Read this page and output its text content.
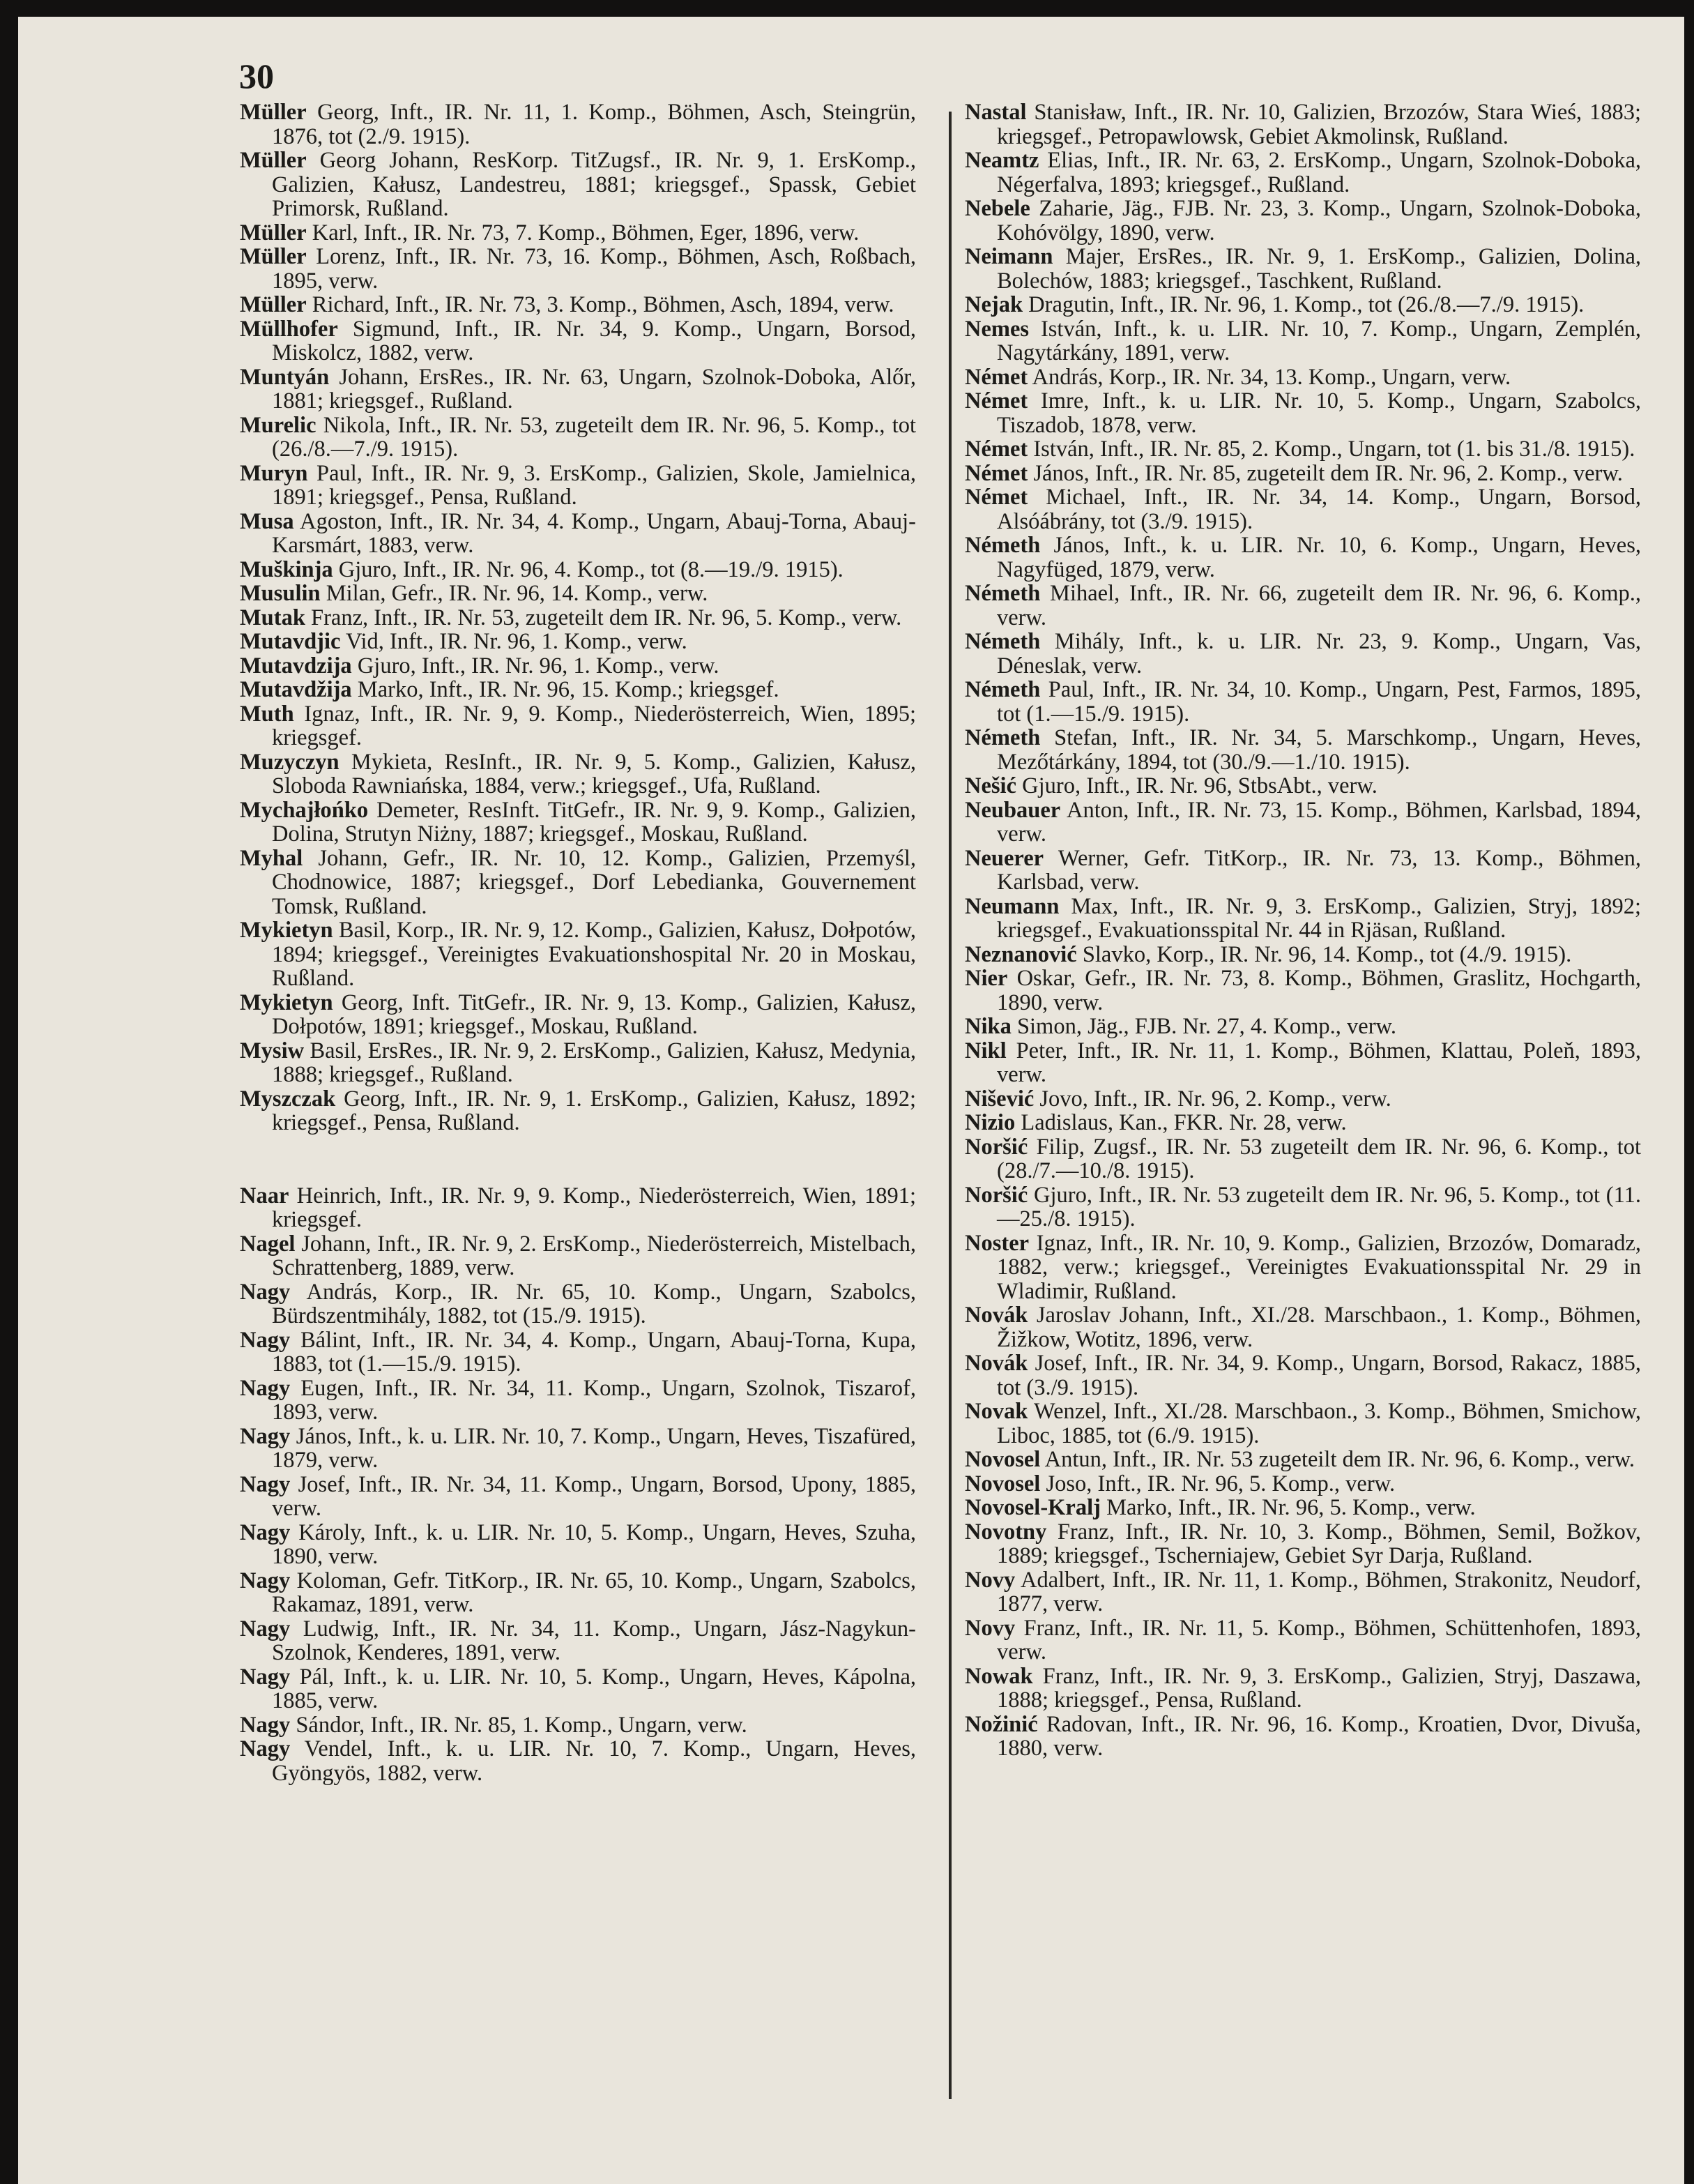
30

Müller Georg, Inft., IR. Nr. 11, 1. Komp., Böhmen, Asch, Steingrün, 1876, tot (2./9. 1915).

Müller Georg Johann, ResKorp. TitZugsf., IR. Nr. 9, 1. ErsKomp., Galizien, Kałusz, Landestreu, 1881; kriegsgef., Spassk, Gebiet Primorsk, Rußland.

Müller Karl, Inft., IR. Nr. 73, 7. Komp., Böhmen, Eger, 1896, verw.

Müller Lorenz, Inft., IR. Nr. 73, 16. Komp., Böhmen, Asch, Roßbach, 1895, verw.

Müller Richard, Inft., IR. Nr. 73, 3. Komp., Böhmen, Asch, 1894, verw.

Müllhofer Sigmund, Inft., IR. Nr. 34, 9. Komp., Ungarn, Borsod, Miskolcz, 1882, verw.

Muntyán Johann, ErsRes., IR. Nr. 63, Ungarn, Szolnok-Doboka, Alőr, 1881; kriegsgef., Rußland.

Murelic Nikola, Inft., IR. Nr. 53, zugeteilt dem IR. Nr. 96, 5. Komp., tot (26./8.—7./9. 1915).

Muryn Paul, Inft., IR. Nr. 9, 3. ErsKomp., Galizien, Skole, Jamielnica, 1891; kriegsgef., Pensa, Rußland.

Musa Agoston, Inft., IR. Nr. 34, 4. Komp., Ungarn, Abauj-Torna, Abauj-Karsmárt, 1883, verw.

Muškinja Gjuro, Inft., IR. Nr. 96, 4. Komp., tot (8.—19./9. 1915).

Musulin Milan, Gefr., IR. Nr. 96, 14. Komp., verw.

Mutak Franz, Inft., IR. Nr. 53, zugeteilt dem IR. Nr. 96, 5. Komp., verw.

Mutavdjic Vid, Inft., IR. Nr. 96, 1. Komp., verw.

Mutavdzija Gjuro, Inft., IR. Nr. 96, 1. Komp., verw.

Mutavdžija Marko, Inft., IR. Nr. 96, 15. Komp.; kriegsgef.

Muth Ignaz, Inft., IR. Nr. 9, 9. Komp., Niederösterreich, Wien, 1895; kriegsgef.

Muzyczyn Mykieta, ResInft., IR. Nr. 9, 5. Komp., Galizien, Kałusz, Sloboda Rawniańska, 1884, verw.; kriegsgef., Ufa, Rußland.

Mychajłońko Demeter, ResInft. TitGefr., IR. Nr. 9, 9. Komp., Galizien, Dolina, Strutyn Niżny, 1887; kriegsgef., Moskau, Rußland.

Myhal Johann, Gefr., IR. Nr. 10, 12. Komp., Galizien, Przemyśl, Chodnowice, 1887; kriegsgef., Dorf Lebedianka, Gouvernement Tomsk, Rußland.

Mykietyn Basil, Korp., IR. Nr. 9, 12. Komp., Galizien, Kałusz, Dołpotów, 1894; kriegsgef., Vereinigtes Evakuationshospital Nr. 20 in Moskau, Rußland.

Mykietyn Georg, Inft. TitGefr., IR. Nr. 9, 13. Komp., Galizien, Kałusz, Dołpotów, 1891; kriegsgef., Moskau, Rußland.

Mysiw Basil, ErsRes., IR. Nr. 9, 2. ErsKomp., Galizien, Kałusz, Medynia, 1888; kriegsgef., Rußland.

Myszczak Georg, Inft., IR. Nr. 9, 1. ErsKomp., Galizien, Kałusz, 1892; kriegsgef., Pensa, Rußland.

Naar Heinrich, Inft., IR. Nr. 9, 9. Komp., Niederösterreich, Wien, 1891; kriegsgef.

Nagel Johann, Inft., IR. Nr. 9, 2. ErsKomp., Niederösterreich, Mistelbach, Schrattenberg, 1889, verw.

Nagy András, Korp., IR. Nr. 65, 10. Komp., Ungarn, Szabolcs, Bürdszentmihály, 1882, tot (15./9. 1915).

Nagy Bálint, Inft., IR. Nr. 34, 4. Komp., Ungarn, Abauj-Torna, Kupa, 1883, tot (1.—15./9. 1915).

Nagy Eugen, Inft., IR. Nr. 34, 11. Komp., Ungarn, Szolnok, Tiszarof, 1893, verw.

Nagy János, Inft., k. u. LIR. Nr. 10, 7. Komp., Ungarn, Heves, Tiszafüred, 1879, verw.

Nagy Josef, Inft., IR. Nr. 34, 11. Komp., Ungarn, Borsod, Upony, 1885, verw.

Nagy Károly, Inft., k. u. LIR. Nr. 10, 5. Komp., Ungarn, Heves, Szuha, 1890, verw.

Nagy Koloman, Gefr. TitKorp., IR. Nr. 65, 10. Komp., Ungarn, Szabolcs, Rakamaz, 1891, verw.

Nagy Ludwig, Inft., IR. Nr. 34, 11. Komp., Ungarn, Jász-Nagykun-Szolnok, Kenderes, 1891, verw.

Nagy Pál, Inft., k. u. LIR. Nr. 10, 5. Komp., Ungarn, Heves, Kápolna, 1885, verw.

Nagy Sándor, Inft., IR. Nr. 85, 1. Komp., Ungarn, verw.

Nagy Vendel, Inft., k. u. LIR. Nr. 10, 7. Komp., Ungarn, Heves, Gyöngyös, 1882, verw.

Nastal Stanisław, Inft., IR. Nr. 10, Galizien, Brzozów, Stara Wieś, 1883; kriegsgef., Petropawlowsk, Gebiet Akmolinsk, Rußland.

Neamtz Elias, Inft., IR. Nr. 63, 2. ErsKomp., Ungarn, Szolnok-Doboka, Négerfalva, 1893; kriegsgef., Rußland.

Nebele Zaharie, Jäg., FJB. Nr. 23, 3. Komp., Ungarn, Szolnok-Doboka, Kohóvölgy, 1890, verw.

Neimann Majer, ErsRes., IR. Nr. 9, 1. ErsKomp., Galizien, Dolina, Bolechów, 1883; kriegsgef., Taschkent, Rußland.

Nejak Dragutin, Inft., IR. Nr. 96, 1. Komp., tot (26./8.—7./9. 1915).

Nemes István, Inft., k. u. LIR. Nr. 10, 7. Komp., Ungarn, Zemplén, Nagytárkány, 1891, verw.

Német András, Korp., IR. Nr. 34, 13. Komp., Ungarn, verw.

Német Imre, Inft., k. u. LIR. Nr. 10, 5. Komp., Ungarn, Szabolcs, Tiszadob, 1878, verw.

Német István, Inft., IR. Nr. 85, 2. Komp., Ungarn, tot (1. bis 31./8. 1915).

Német János, Inft., IR. Nr. 85, zugeteilt dem IR. Nr. 96, 2. Komp., verw.

Német Michael, Inft., IR. Nr. 34, 14. Komp., Ungarn, Borsod, Alsóábrány, tot (3./9. 1915).

Németh János, Inft., k. u. LIR. Nr. 10, 6. Komp., Ungarn, Heves, Nagyfüged, 1879, verw.

Németh Mihael, Inft., IR. Nr. 66, zugeteilt dem IR. Nr. 96, 6. Komp., verw.

Németh Mihály, Inft., k. u. LIR. Nr. 23, 9. Komp., Ungarn, Vas, Déneslak, verw.

Németh Paul, Inft., IR. Nr. 34, 10. Komp., Ungarn, Pest, Farmos, 1895, tot (1.—15./9. 1915).

Németh Stefan, Inft., IR. Nr. 34, 5. Marschkomp., Ungarn, Heves, Mezőtárkány, 1894, tot (30./9.—1./10. 1915).

Nešić Gjuro, Inft., IR. Nr. 96, StbsAbt., verw.

Neubauer Anton, Inft., IR. Nr. 73, 15. Komp., Böhmen, Karlsbad, 1894, verw.

Neuerer Werner, Gefr. TitKorp., IR. Nr. 73, 13. Komp., Böhmen, Karlsbad, verw.

Neumann Max, Inft., IR. Nr. 9, 3. ErsKomp., Galizien, Stryj, 1892; kriegsgef., Evakuationsspital Nr. 44 in Rjäsan, Rußland.

Neznanović Slavko, Korp., IR. Nr. 96, 14. Komp., tot (4./9. 1915).

Nier Oskar, Gefr., IR. Nr. 73, 8. Komp., Böhmen, Graslitz, Hochgarth, 1890, verw.

Nika Simon, Jäg., FJB. Nr. 27, 4. Komp., verw.

Nikl Peter, Inft., IR. Nr. 11, 1. Komp., Böhmen, Klattau, Poleň, 1893, verw.

Nišević Jovo, Inft., IR. Nr. 96, 2. Komp., verw.

Nizio Ladislaus, Kan., FKR. Nr. 28, verw.

Noršić Filip, Zugsf., IR. Nr. 53 zugeteilt dem IR. Nr. 96, 6. Komp., tot (28./7.—10./8. 1915).

Noršić Gjuro, Inft., IR. Nr. 53 zugeteilt dem IR. Nr. 96, 5. Komp., tot (11.—25./8. 1915).

Noster Ignaz, Inft., IR. Nr. 10, 9. Komp., Galizien, Brzozów, Domaradz, 1882, verw.; kriegsgef., Vereinigtes Evakuationsspital Nr. 29 in Wladimir, Rußland.

Novák Jaroslav Johann, Inft., XI./28. Marschbaon., 1. Komp., Böhmen, Žižkow, Wotitz, 1896, verw.

Novák Josef, Inft., IR. Nr. 34, 9. Komp., Ungarn, Borsod, Rakacz, 1885, tot (3./9. 1915).

Novak Wenzel, Inft., XI./28. Marschbaon., 3. Komp., Böhmen, Smichow, Liboc, 1885, tot (6./9. 1915).

Novosel Antun, Inft., IR. Nr. 53 zugeteilt dem IR. Nr. 96, 6. Komp., verw.

Novosel Joso, Inft., IR. Nr. 96, 5. Komp., verw.

Novosel-Kralj Marko, Inft., IR. Nr. 96, 5. Komp., verw.

Novotny Franz, Inft., IR. Nr. 10, 3. Komp., Böhmen, Semil, Božkov, 1889; kriegsgef., Tscherniajew, Gebiet Syr Darja, Rußland.

Novy Adalbert, Inft., IR. Nr. 11, 1. Komp., Böhmen, Strakonitz, Neudorf, 1877, verw.

Novy Franz, Inft., IR. Nr. 11, 5. Komp., Böhmen, Schüttenhofen, 1893, verw.

Nowak Franz, Inft., IR. Nr. 9, 3. ErsKomp., Galizien, Stryj, Daszawa, 1888; kriegsgef., Pensa, Rußland.

Nožinić Radovan, Inft., IR. Nr. 96, 16. Komp., Kroatien, Dvor, Divuša, 1880, verw.
